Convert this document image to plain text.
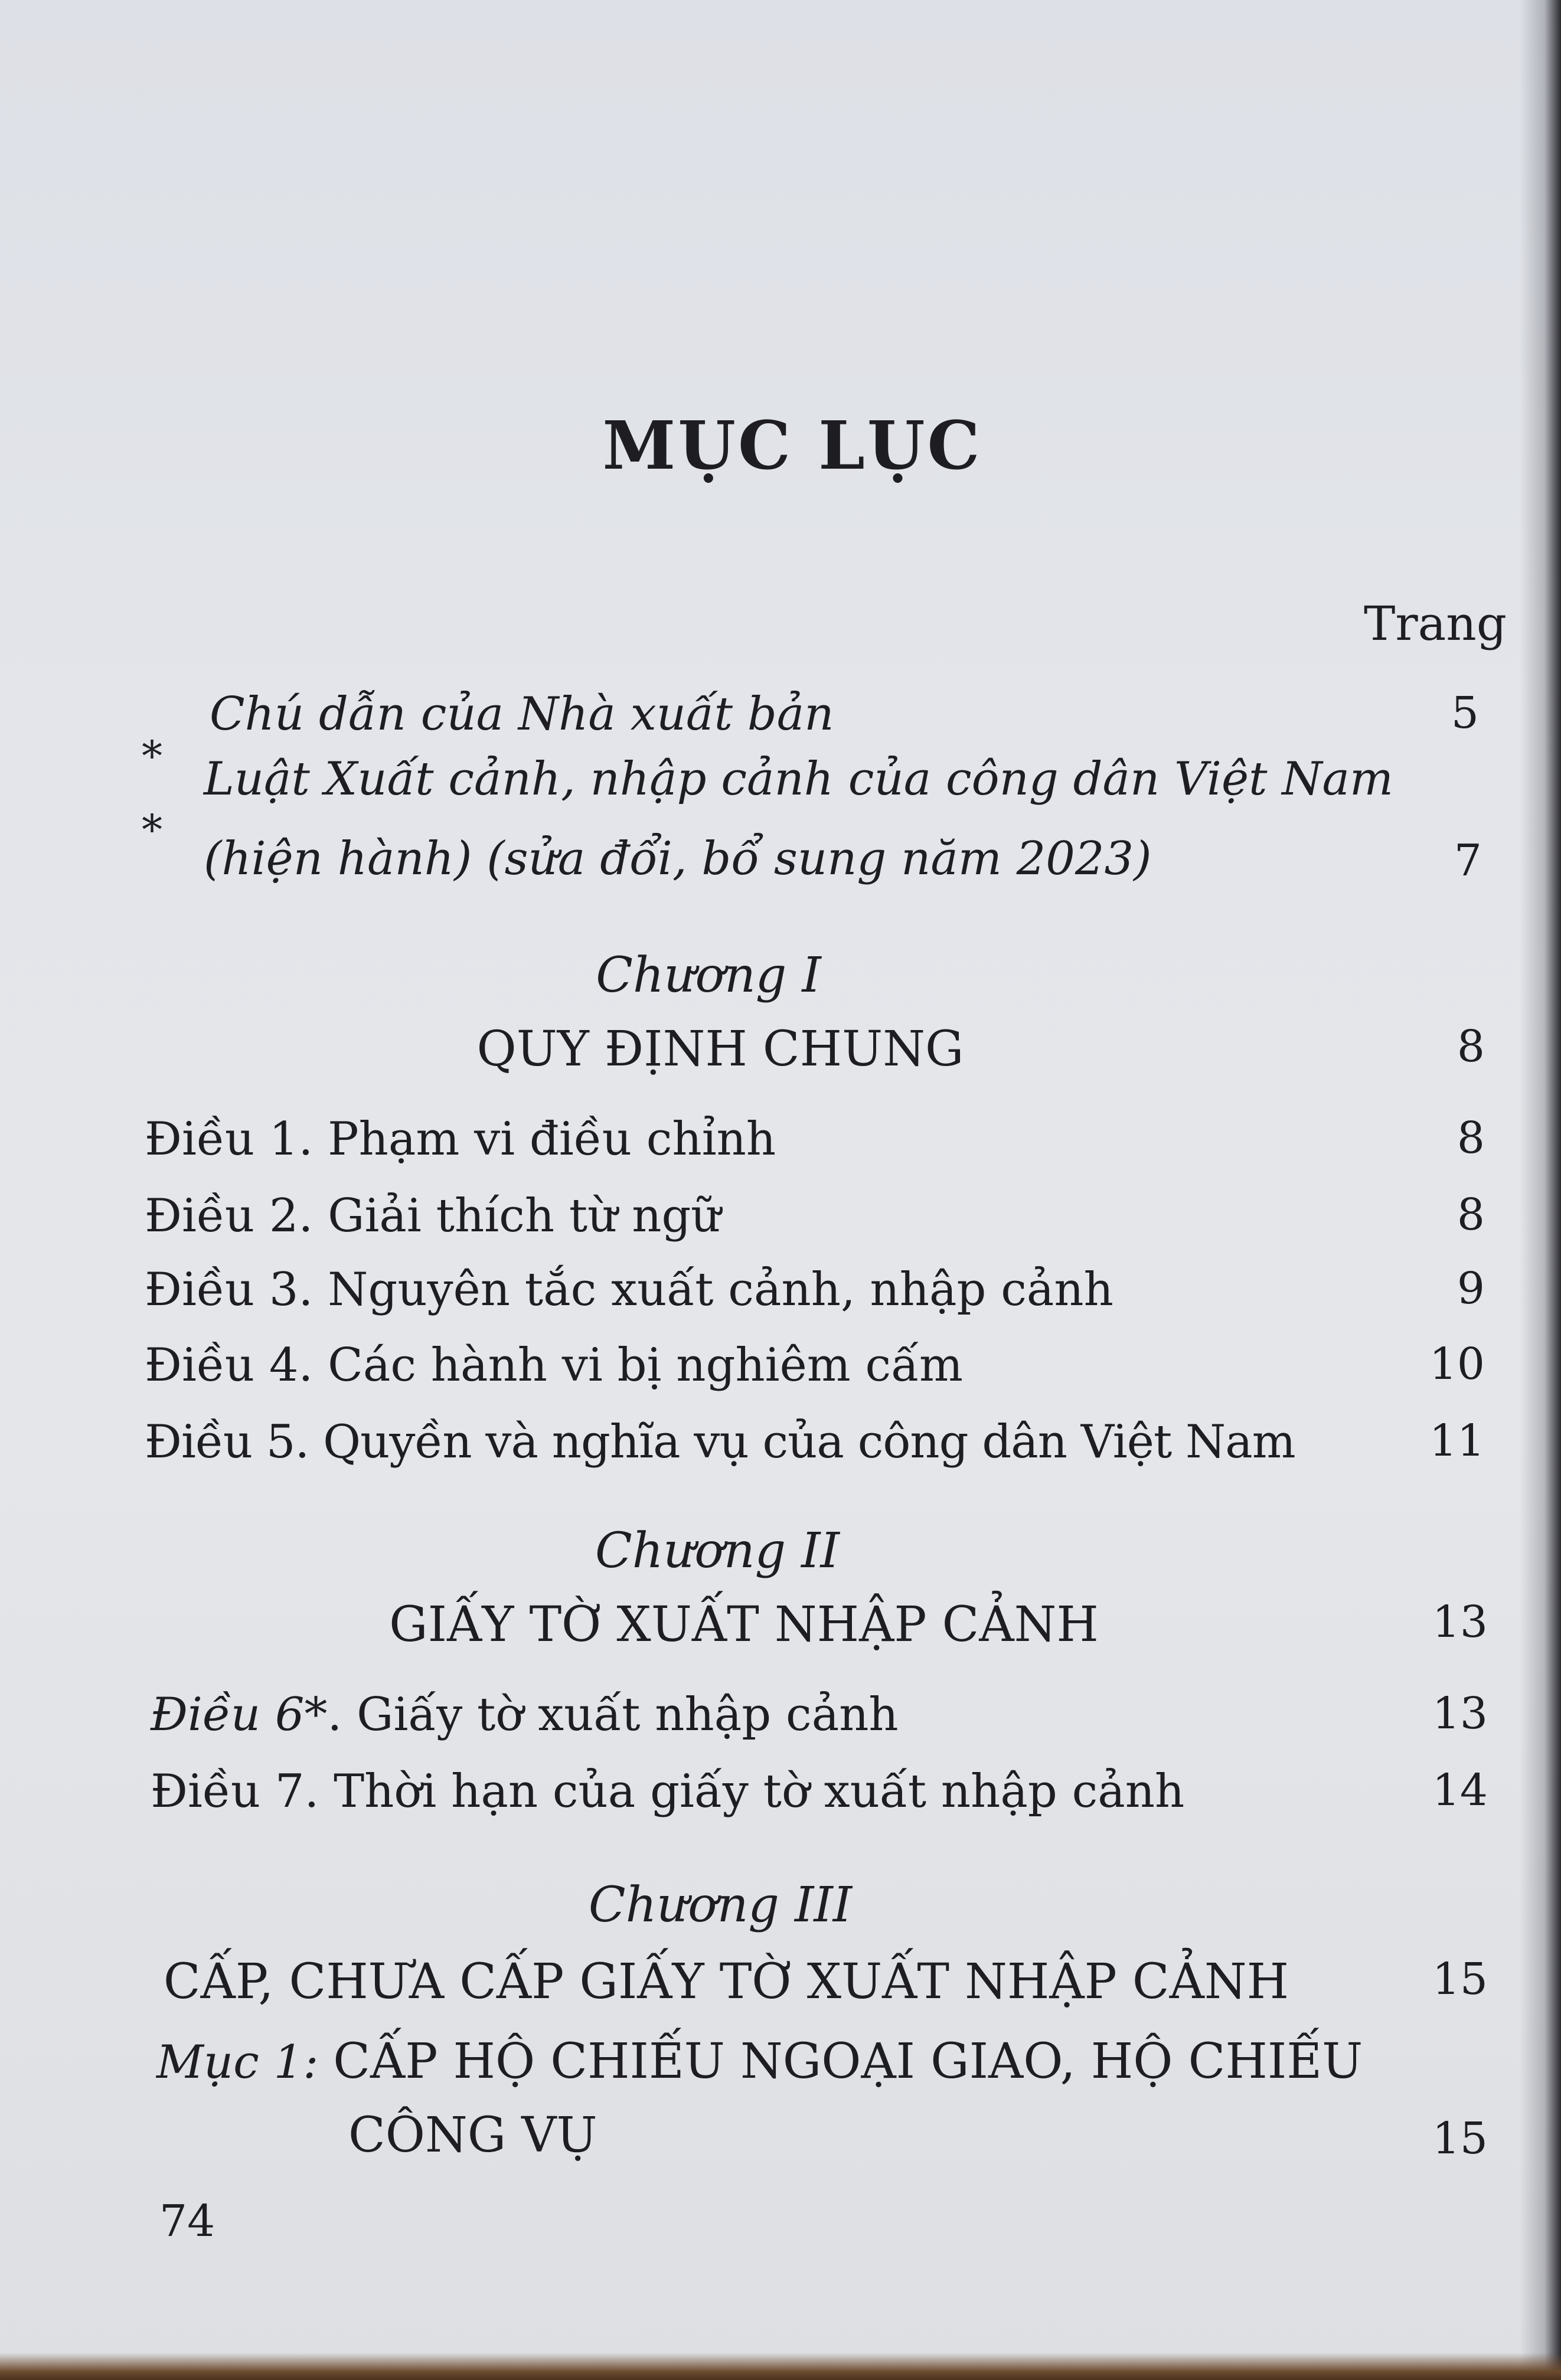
MỤC LỤC
Trang
*
Chú dẫn của Nhà xuất bản	5
*
Luật Xuất cảnh, nhập cảnh của công dân Việt Nam
(hiện hành) (sửa đổi, bổ sung năm 2023)	7
Chương I
QUY ĐỊNH CHUNG	8
Điều 1. Phạm vi điều chỉnh	8
Điều 2. Giải thích từ ngữ	8
Điều 3. Nguyên tắc xuất cảnh, nhập cảnh	9
Điều 4. Các hành vi bị nghiêm cấm	10
Điều 5. Quyền và nghĩa vụ của công dân Việt Nam	11
Chương II
GIẤY TỜ XUẤT NHẬP CẢNH	13
Điều 6*. Giấy tờ xuất nhập cảnh	13
Điều 7. Thời hạn của giấy tờ xuất nhập cảnh	14
Chương III
CẤP, CHƯA CẤP GIẤY TỜ XUẤT NHẬP CẢNH	15
Mục 1: CẤP HỘ CHIẾU NGOẠI GIAO, HỘ CHIẾU
CÔNG VỤ	15
74
